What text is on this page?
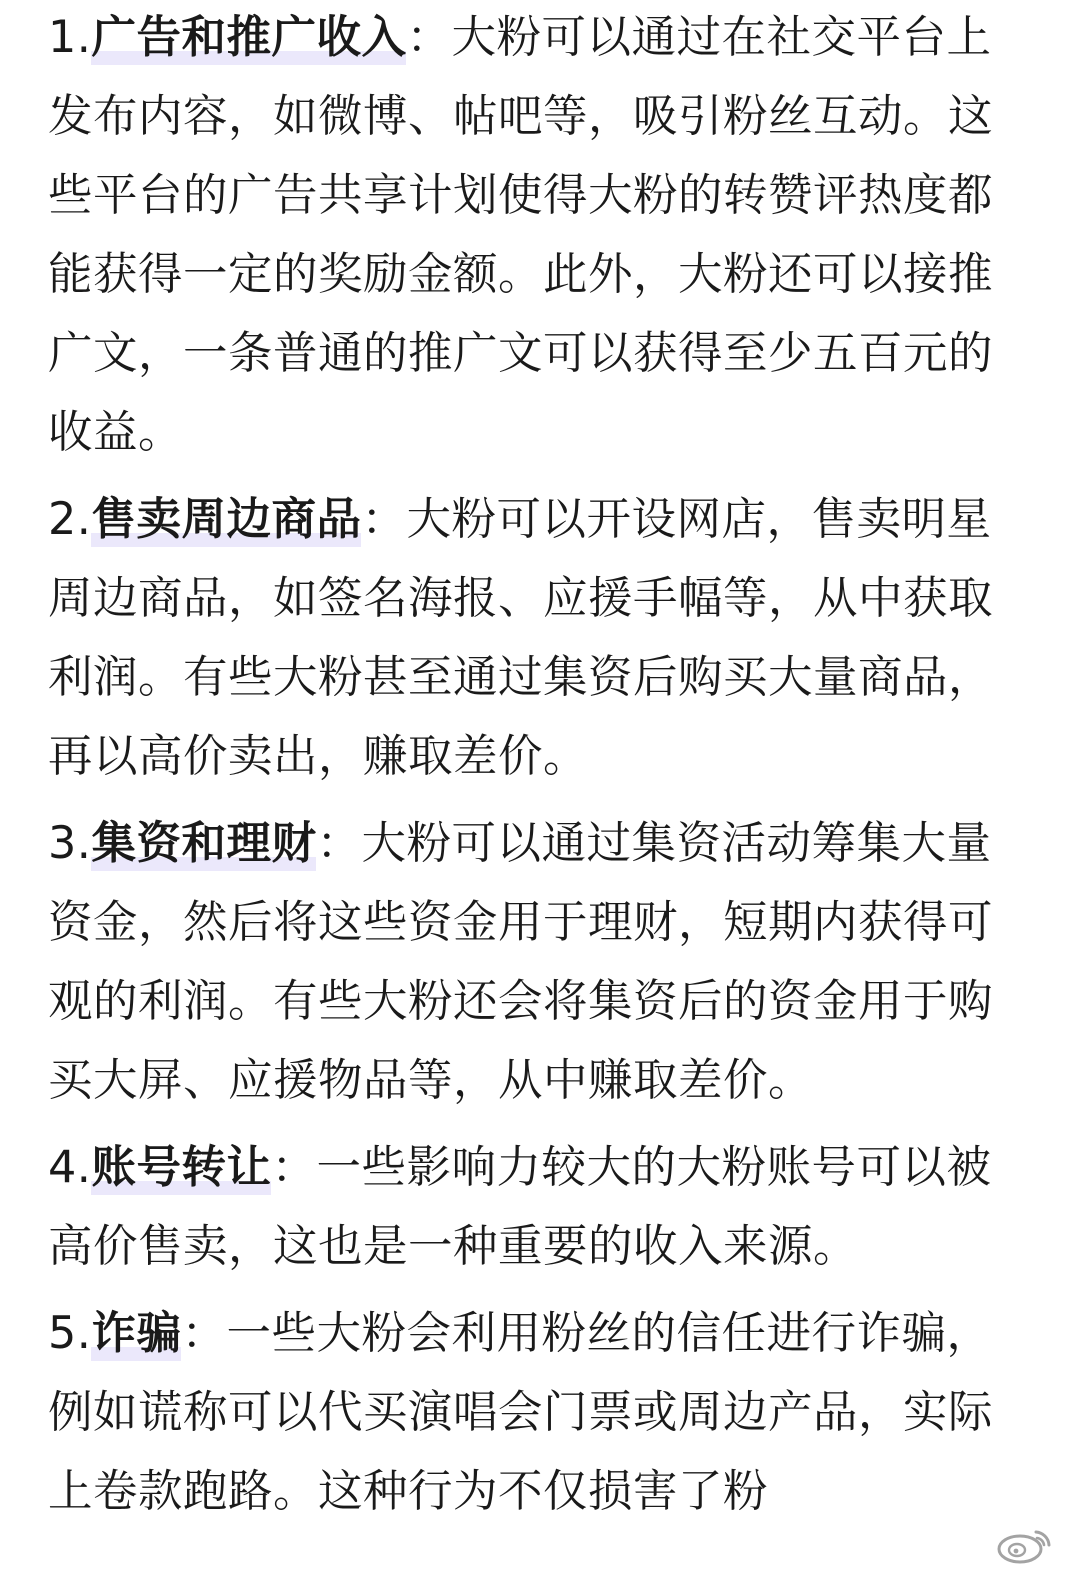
1.广告和推广收入：大粉可以通过在社交平台上发布内容，如微博、帖吧等，吸引粉丝互动。这些平台的广告共享计划使得大粉的转赞评热度都能获得一定的奖励金额。此外，大粉还可以接推广文，一条普通的推广文可以获得至少五百元的收益。

2.售卖周边商品：大粉可以开设网店，售卖明星周边商品，如签名海报、应援手幅等，从中获取利润。有些大粉甚至通过集资后购买大量商品，再以高价卖出，赚取差价。

3.集资和理财：大粉可以通过集资活动筹集大量资金，然后将这些资金用于理财，短期内获得可观的利润。有些大粉还会将集资后的资金用于购买大屏、应援物品等，从中赚取差价。

4.账号转让：一些影响力较大的大粉账号可以被高价售卖，这也是一种重要的收入来源。

5.诈骗：一些大粉会利用粉丝的信任进行诈骗，例如谎称可以代买演唱会门票或周边产品，实际上卷款跑路。这种行为不仅损害了粉
